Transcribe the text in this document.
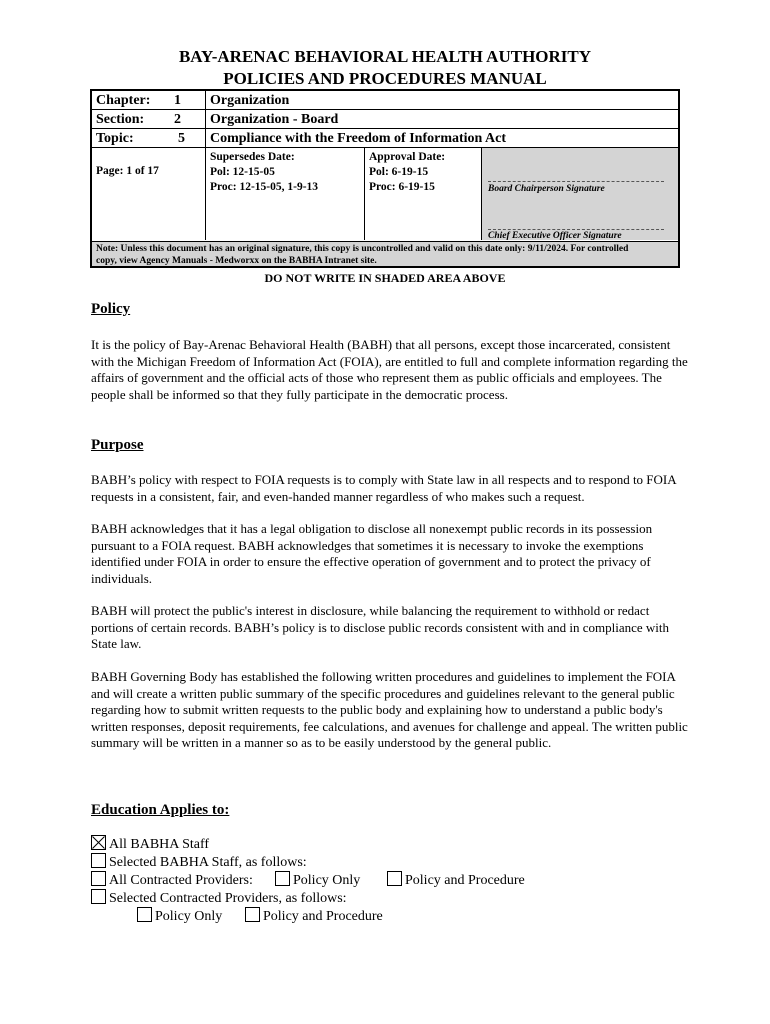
BAY-ARENAC BEHAVIORAL HEALTH AUTHORITY
POLICIES AND PROCEDURES MANUAL
Chapter: 1 Organization
Section: 2 Organization - Board
Topic:	5 Compliance with the Freedom of Information Act
Page: 1 of 17
Supersedes Date:
Pol: 12-15-05
Proc: 12-15-05, 1-9-13
Approval Date:
Pol: 6-19-15
Proc: 6-19-15	Board Chairperson Signature
Chief Executive Officer Signature
Note: Unless this document has an original signature, this copy is uncontrolled and valid on this date only: 9/11/2024. For controlled
copy, view Agency Manuals - Medworxx on the BABHA Intranet site.
DO NOT WRITE IN SHADED AREA ABOVE
Policy
It is the policy of Bay-Arenac Behavioral Health (BABH) that all persons, except those incarcerated, consistent with the Michigan Freedom of Information Act (FOIA), are entitled to full and complete information regarding the affairs of government and the official acts of those who represent them as public officials and employees. The people shall be informed so that they fully participate in the democratic process.
Purpose
BABH’s policy with respect to FOIA requests is to comply with State law in all respects and to respond to FOIA requests in a consistent, fair, and even-handed manner regardless of who makes such a request.
BABH acknowledges that it has a legal obligation to disclose all nonexempt public records in its possession pursuant to a FOIA request. BABH acknowledges that sometimes it is necessary to invoke the exemptions identified under FOIA in order to ensure the effective operation of government and to protect the privacy of individuals.
BABH will protect the public's interest in disclosure, while balancing the requirement to withhold or redact portions of certain records. BABH’s policy is to disclose public records consistent with and in compliance with State law.
BABH Governing Body has established the following written procedures and guidelines to implement the FOIA and will create a written public summary of the specific procedures and guidelines relevant to the general public regarding how to submit written requests to the public body and explaining how to understand a public body's written responses, deposit requirements, fee calculations, and avenues for challenge and appeal. The written public summary will be written in a manner so as to be easily understood by the general public.
Education Applies to:
All BABHA Staff
Selected BABHA Staff, as follows:
All Contracted Providers:	Policy Only	Policy and Procedure
Selected Contracted Providers, as follows:
Policy Only	Policy and Procedure
